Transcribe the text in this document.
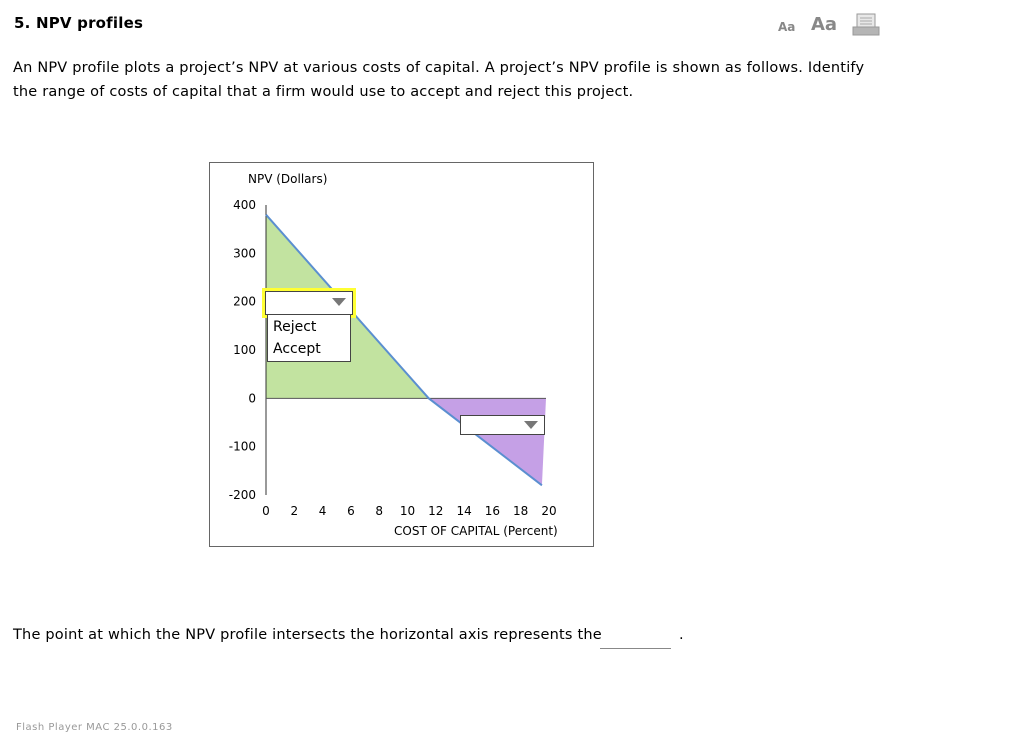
5. NPV profiles	Aa Aa
An NPV profile plots a project’s NPV at various costs of capital. A project’s NPV profile is shown as follows. Identify the range of costs of capital that a firm would use to accept and reject this project.
NPV (Dollars)
COST OF CAPITAL (Percent)
400
300
200
100
0
-100
-200
0 2 4 6 8 10 12 14 16 18 20
Reject
Accept
The point at which the NPV profile intersects the horizontal axis represents the	.
Flash Player MAC 25.0.0.163
